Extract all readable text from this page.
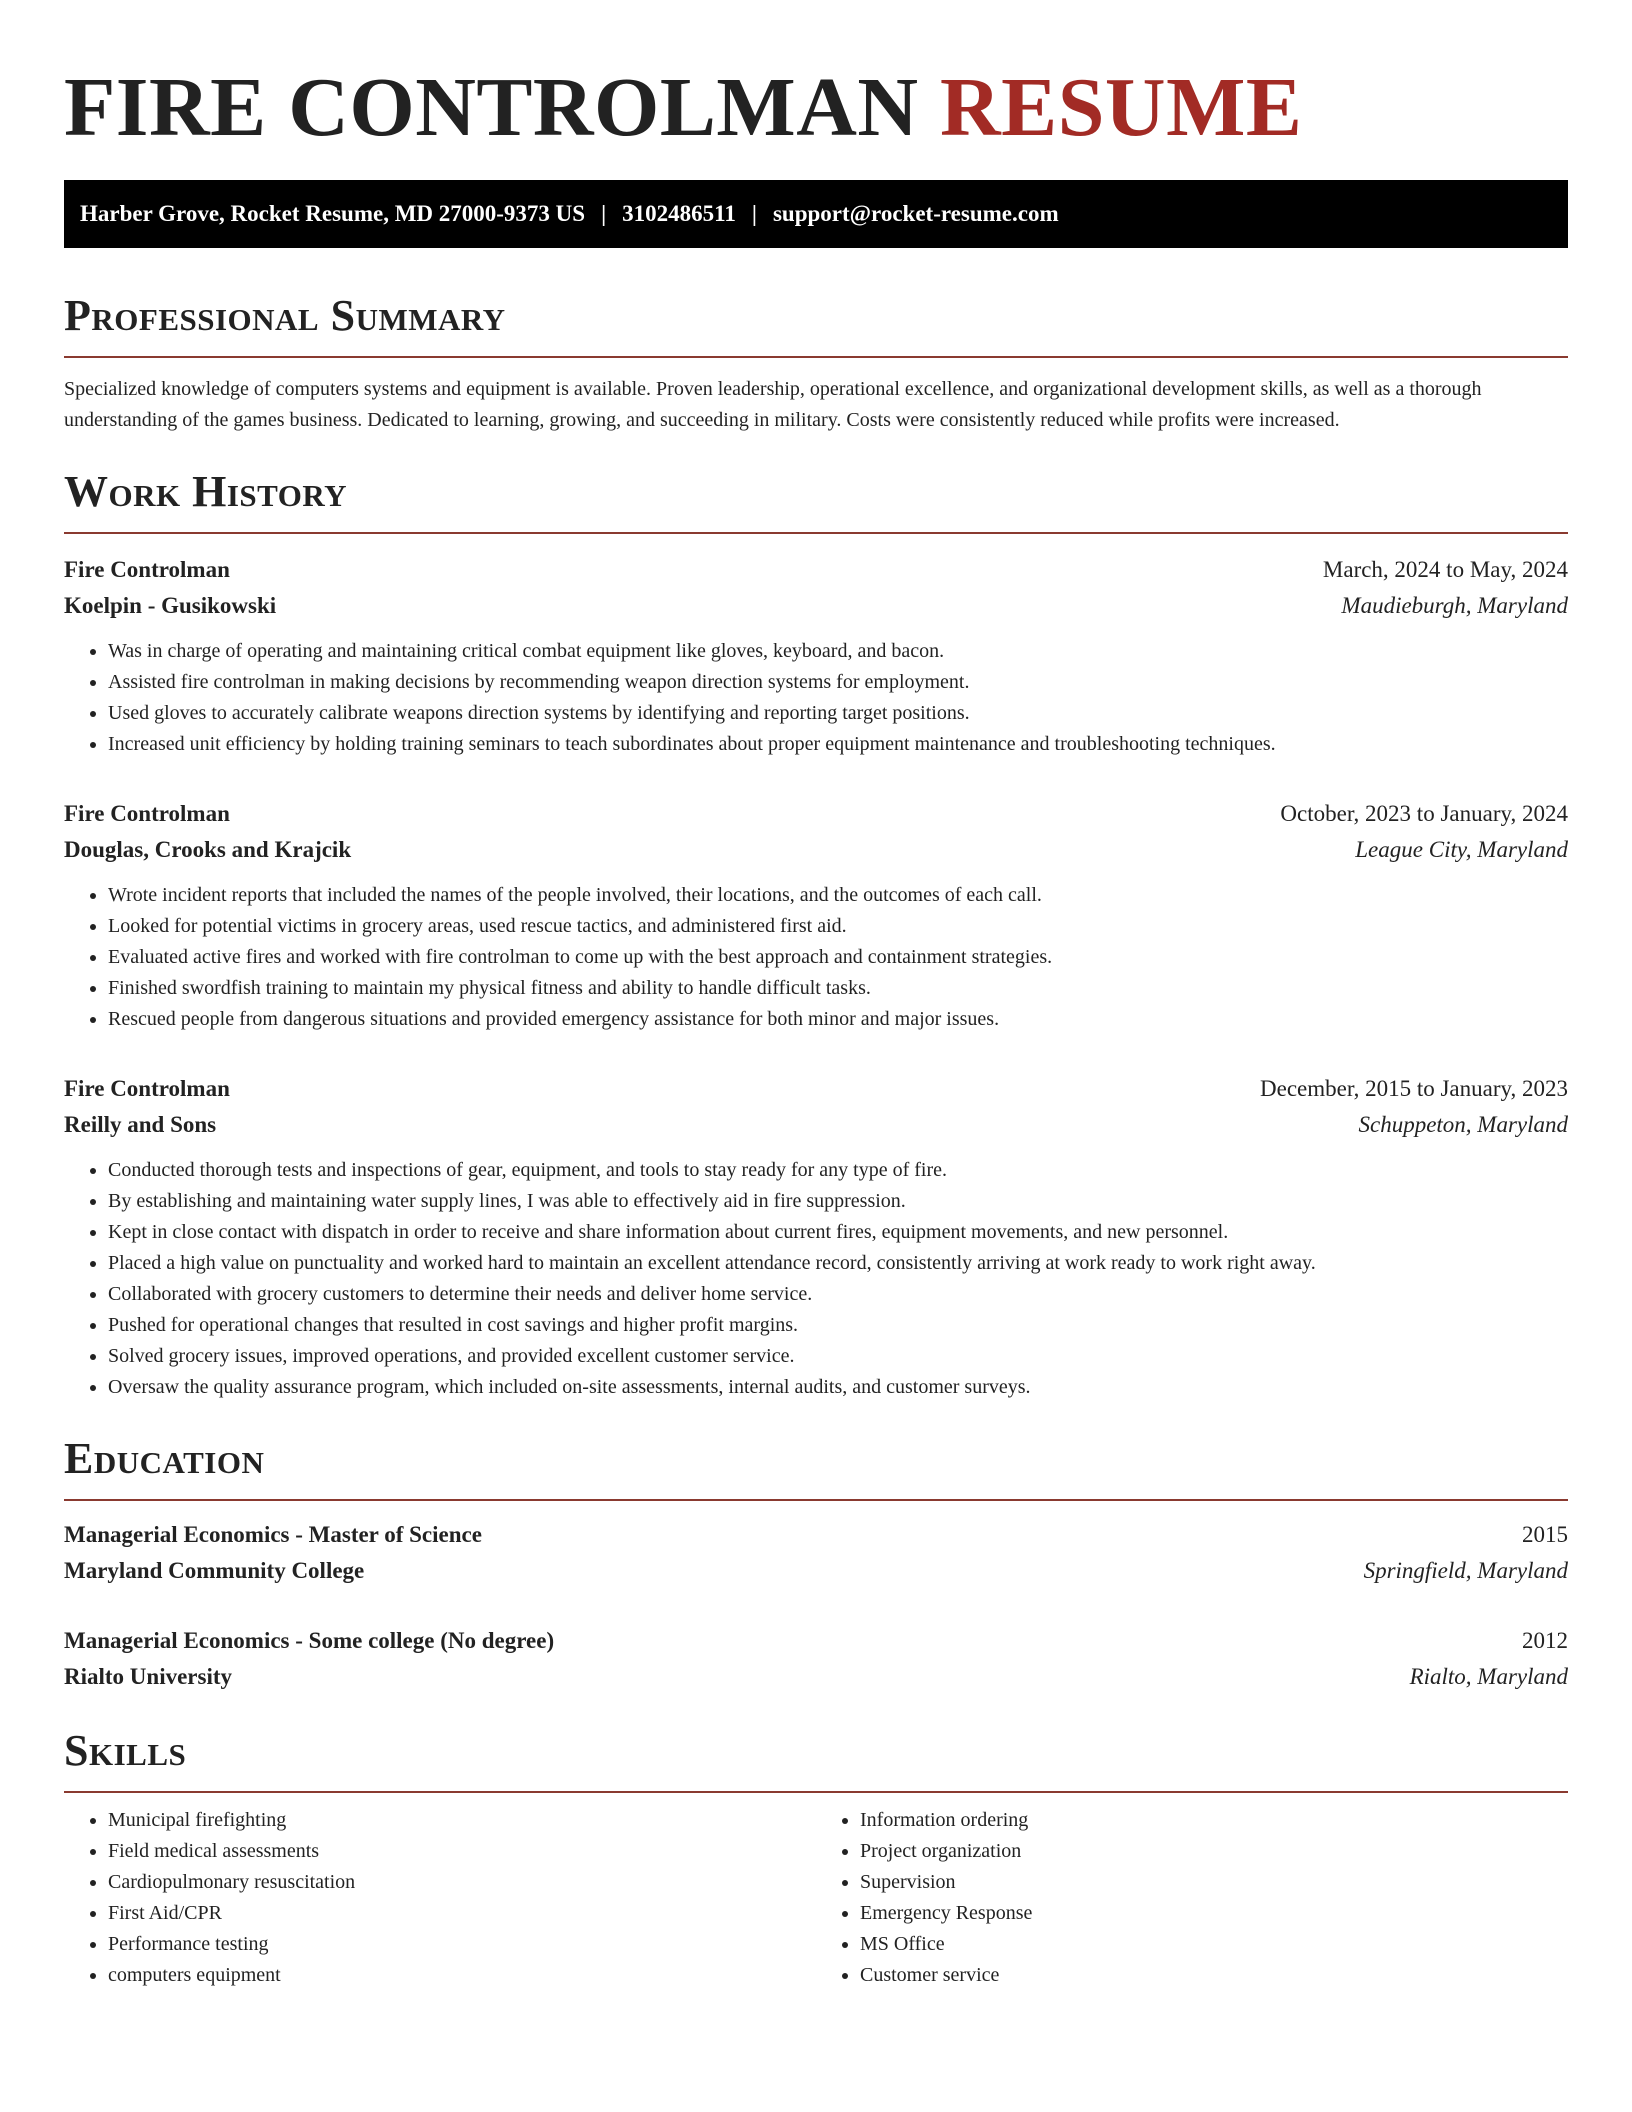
FIRE CONTROLMAN RESUME
Harber Grove, Rocket Resume, MD 27000-9373 US | 3102486511 | support@rocket-resume.com
Professional Summary
Specialized knowledge of computers systems and equipment is available. Proven leadership, operational excellence, and organizational development skills, as well as a thorough understanding of the games business. Dedicated to learning, growing, and succeeding in military. Costs were consistently reduced while profits were increased.
Work History
Fire Controlman	March, 2024 to May, 2024
Koelpin - Gusikowski	Maudieburgh, Maryland
• Was in charge of operating and maintaining critical combat equipment like gloves, keyboard, and bacon.
• Assisted fire controlman in making decisions by recommending weapon direction systems for employment.
• Used gloves to accurately calibrate weapons direction systems by identifying and reporting target positions.
• Increased unit efficiency by holding training seminars to teach subordinates about proper equipment maintenance and troubleshooting techniques.
Fire Controlman	October, 2023 to January, 2024
Douglas, Crooks and Krajcik	League City, Maryland
• Wrote incident reports that included the names of the people involved, their locations, and the outcomes of each call.
• Looked for potential victims in grocery areas, used rescue tactics, and administered first aid.
• Evaluated active fires and worked with fire controlman to come up with the best approach and containment strategies.
• Finished swordfish training to maintain my physical fitness and ability to handle difficult tasks.
• Rescued people from dangerous situations and provided emergency assistance for both minor and major issues.
Fire Controlman	December, 2015 to January, 2023
Reilly and Sons	Schuppeton, Maryland
• Conducted thorough tests and inspections of gear, equipment, and tools to stay ready for any type of fire.
• By establishing and maintaining water supply lines, I was able to effectively aid in fire suppression.
• Kept in close contact with dispatch in order to receive and share information about current fires, equipment movements, and new personnel.
• Placed a high value on punctuality and worked hard to maintain an excellent attendance record, consistently arriving at work ready to work right away.
• Collaborated with grocery customers to determine their needs and deliver home service.
• Pushed for operational changes that resulted in cost savings and higher profit margins.
• Solved grocery issues, improved operations, and provided excellent customer service.
• Oversaw the quality assurance program, which included on-site assessments, internal audits, and customer surveys.
Education
Managerial Economics - Master of Science	2015
Maryland Community College	Springfield, Maryland
Managerial Economics - Some college (No degree)	2012
Rialto University	Rialto, Maryland
Skills
• Municipal firefighting
• Field medical assessments
• Cardiopulmonary resuscitation
• First Aid/CPR
• Performance testing
• computers equipment
• Information ordering
• Project organization
• Supervision
• Emergency Response
• MS Office
• Customer service
